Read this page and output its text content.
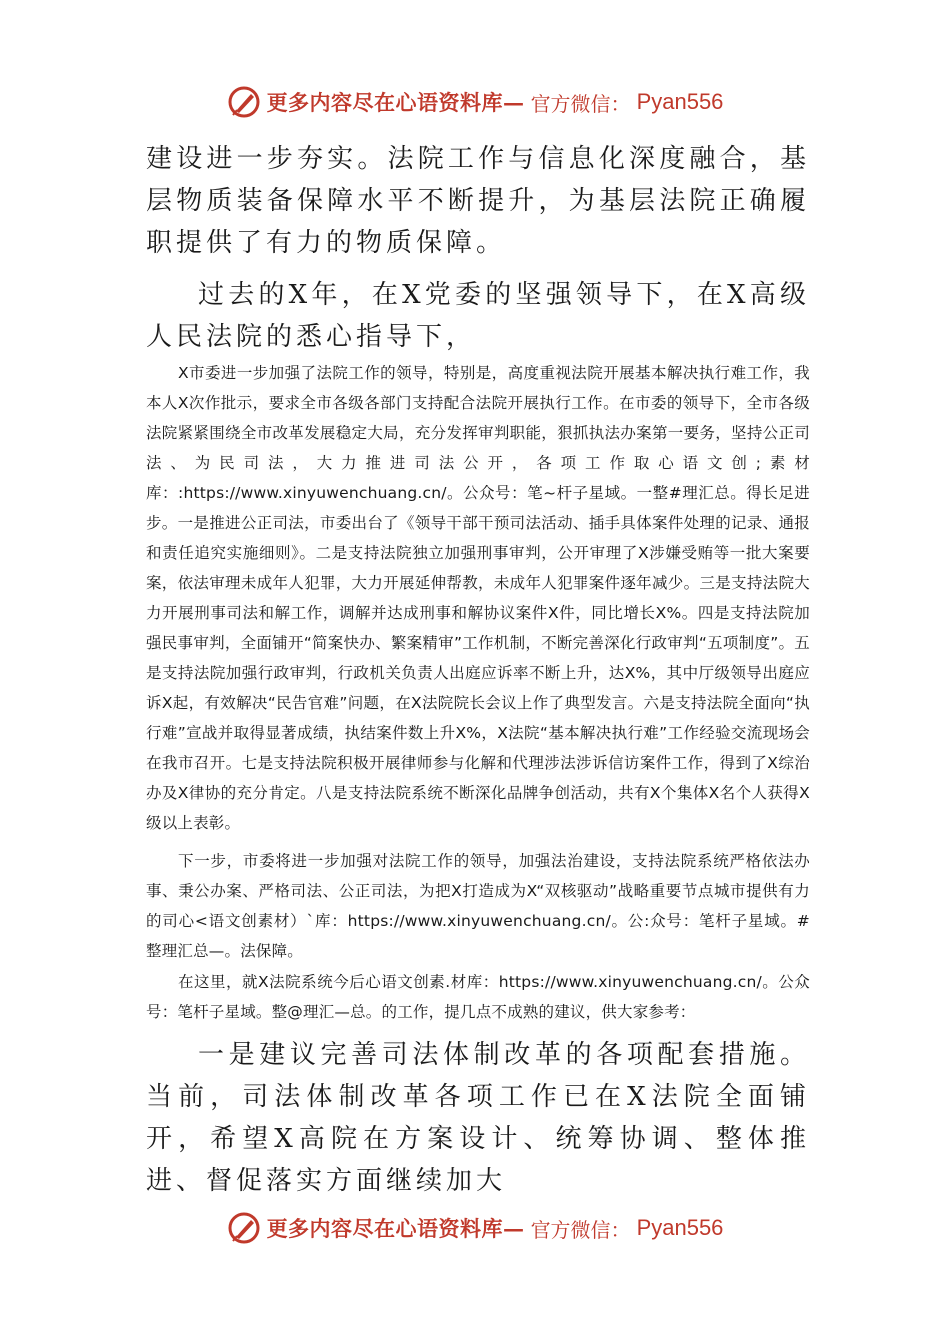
更多内容尽在心语资料库— 官方微信： Pyan556

建设进一步夯实。法院工作与信息化深度融合，基层物质装备保障水平不断提升，为基层法院正确履职提供了有力的物质保障。

过去的X年，在X党委的坚强领导下，在X高级人民法院的悉心指导下，

X市委进一步加强了法院工作的领导，特别是，高度重视法院开展基本解决执行难工作，我本人X次作批示，要求全市各级各部门支持配合法院开展执行工作。在市委的领导下，全市各级法院紧紧围绕全市改革发展稳定大局，充分发挥审判职能，狠抓执法办案第一要务，坚持公正司法、为民司法，大力推进司法公开，各项工作取心语文创;素材库：:https://www.xinyuwenchuang.cn/。公众号：笔~杆子星域。一整#理汇总。得长足进步。一是推进公正司法，市委出台了《领导干部干预司法活动、插手具体案件处理的记录、通报和责任追究实施细则》。二是支持法院独立加强刑事审判，公开审理了X涉嫌受贿等一批大案要案，依法审理未成年人犯罪，大力开展延伸帮教，未成年人犯罪案件逐年减少。三是支持法院大力开展刑事司法和解工作，调解并达成刑事和解协议案件X件，同比增长X%。四是支持法院加强民事审判，全面铺开“简案快办、繁案精审”工作机制，不断完善深化行政审判“五项制度”。五是支持法院加强行政审判，行政机关负责人出庭应诉率不断上升，达X%，其中厅级领导出庭应诉X起，有效解决“民告官难”问题，在X法院院长会议上作了典型发言。六是支持法院全面向“执行难”宣战并取得显著成绩，执结案件数上升X%，X法院“基本解决执行难”工作经验交流现场会在我市召开。七是支持法院积极开展律师参与化解和代理涉法涉诉信访案件工作，得到了X综治办及X律协的充分肯定。八是支持法院系统不断深化品牌争创活动，共有X个集体X名个人获得X级以上表彰。

下一步，市委将进一步加强对法院工作的领导，加强法治建设，支持法院系统严格依法办事、秉公办案、严格司法、公正司法，为把X打造成为X“双核驱动”战略重要节点城市提供有力的司心<语文创素材）`库：https://www.xinyuwenchuang.cn/。公:众号：笔杆子星域。#整理汇总—。法保障。

在这里，就X法院系统今后心语文创素.材库：https://www.xinyuwenchuang.cn/。公众号：笔杆子星域。整@理汇—总。的工作，提几点不成熟的建议，供大家参考：

一是建议完善司法体制改革的各项配套措施。当前，司法体制改革各项工作已在X法院全面铺开，希望X高院在方案设计、统筹协调、整体推进、督促落实方面继续加大

更多内容尽在心语资料库— 官方微信： Pyan556
